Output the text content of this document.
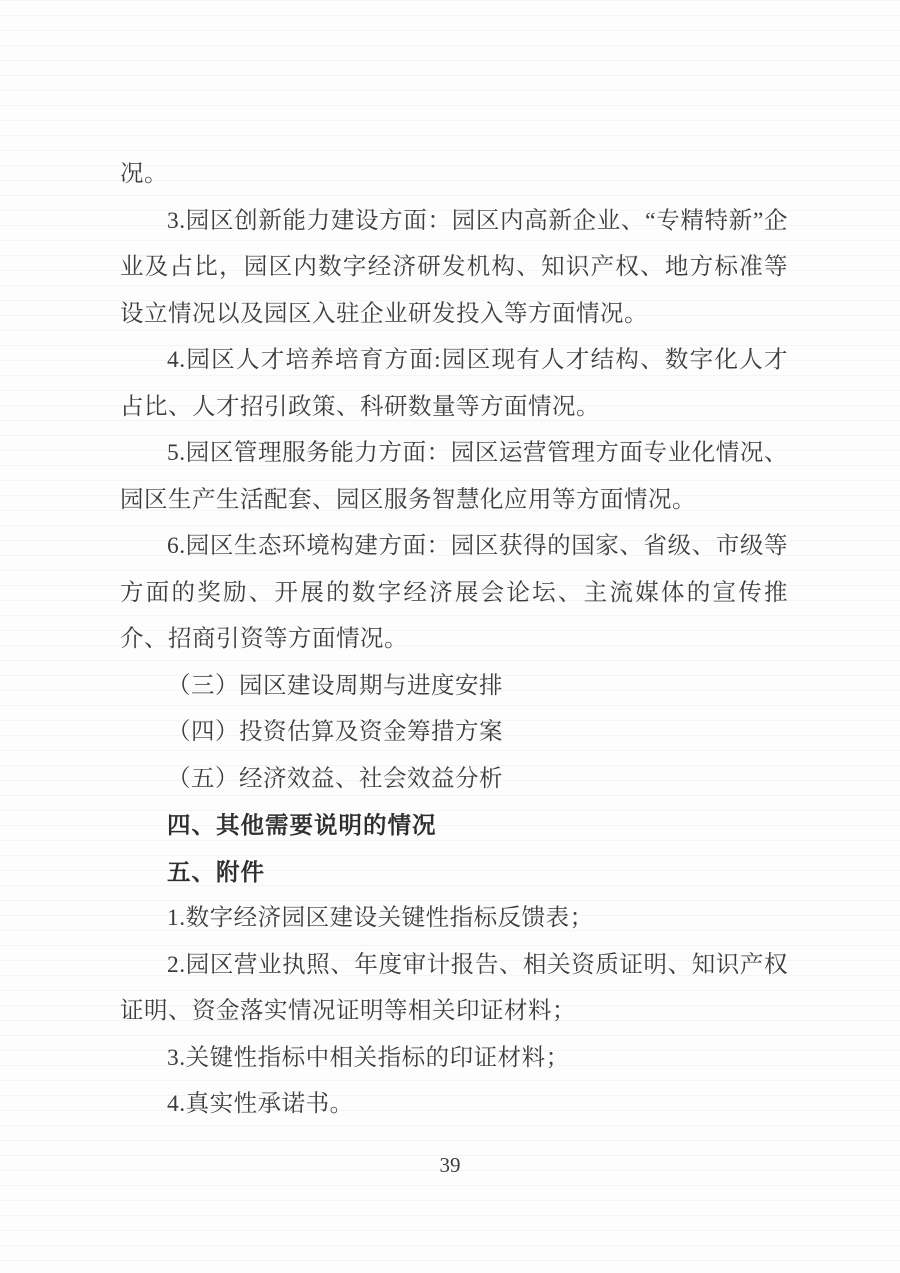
况。

3.园区创新能力建设方面：园区内高新企业、“专精特新”企业及占比，园区内数字经济研发机构、知识产权、地方标准等设立情况以及园区入驻企业研发投入等方面情况。

4.园区人才培养培育方面:园区现有人才结构、数字化人才占比、人才招引政策、科研数量等方面情况。

5.园区管理服务能力方面：园区运营管理方面专业化情况、园区生产生活配套、园区服务智慧化应用等方面情况。

6.园区生态环境构建方面：园区获得的国家、省级、市级等方面的奖励、开展的数字经济展会论坛、主流媒体的宣传推介、招商引资等方面情况。

（三）园区建设周期与进度安排

（四）投资估算及资金筹措方案

（五）经济效益、社会效益分析

四、其他需要说明的情况

五、附件

1.数字经济园区建设关键性指标反馈表；

2.园区营业执照、年度审计报告、相关资质证明、知识产权证明、资金落实情况证明等相关印证材料；

3.关键性指标中相关指标的印证材料；

4.真实性承诺书。

39
